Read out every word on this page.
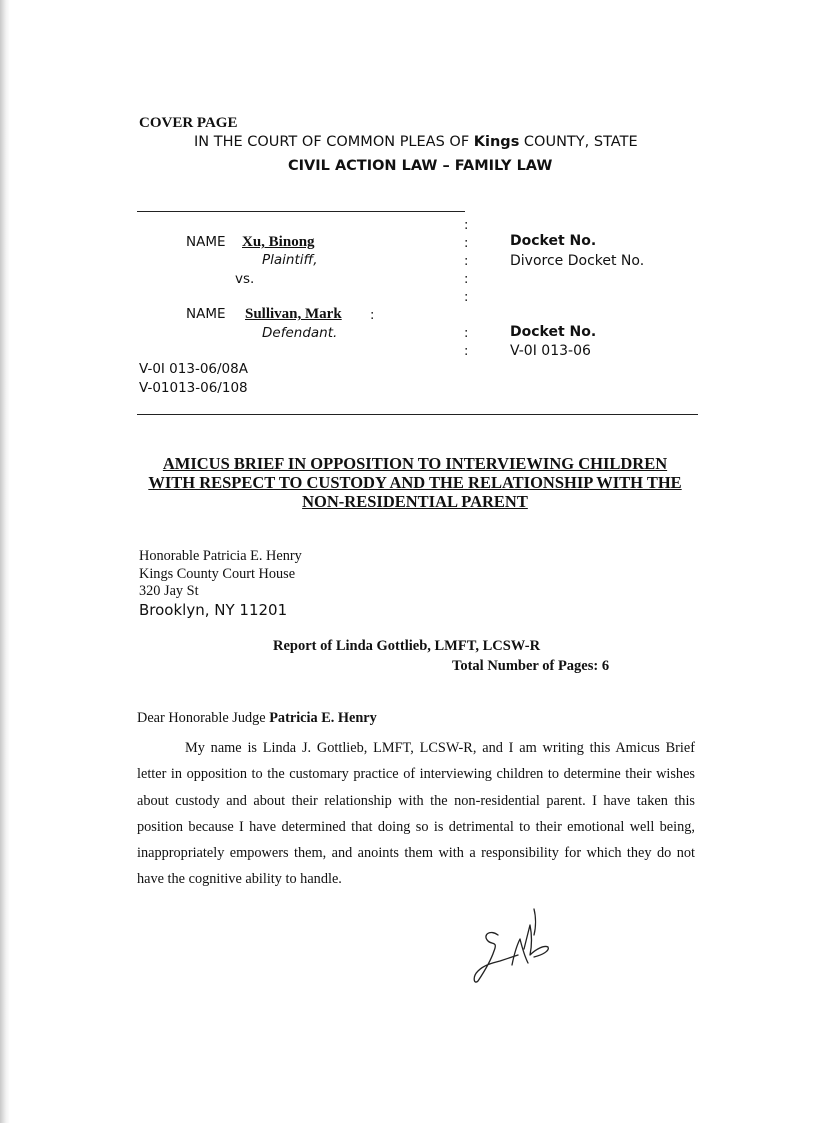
COVER PAGE
IN THE COURT OF COMMON PLEAS OF Kings COUNTY, STATE
CIVIL ACTION LAW – FAMILY LAW
:
:
:
:
:
:
:
:
NAME Xu, Binong
Plaintiff,
vs.
NAME Sullivan, Mark
Defendant.
Docket No.
Divorce Docket No.
Docket No.
V-0I 013-06
V-0I 013-06/08A
V-01013-06/108
AMICUS BRIEF IN OPPOSITION TO INTERVIEWING CHILDREN
WITH RESPECT TO CUSTODY AND THE RELATIONSHIP WITH THE
NON-RESIDENTIAL PARENT
Honorable Patricia E. Henry
Kings County Court House
320 Jay St
Brooklyn, NY 11201
Report of Linda Gottlieb, LMFT, LCSW-R
Total Number of Pages: 6
Dear Honorable Judge Patricia E. Henry

My name is Linda J. Gottlieb, LMFT, LCSW-R, and I am writing this Amicus Brief letter in opposition to the customary practice of interviewing children to determine their wishes about custody and about their relationship with the non-residential parent. I have taken this position because I have determined that doing so is detrimental to their emotional well being, inappropriately empowers them, and anoints them with a responsibility for which they do not have the cognitive ability to handle.
